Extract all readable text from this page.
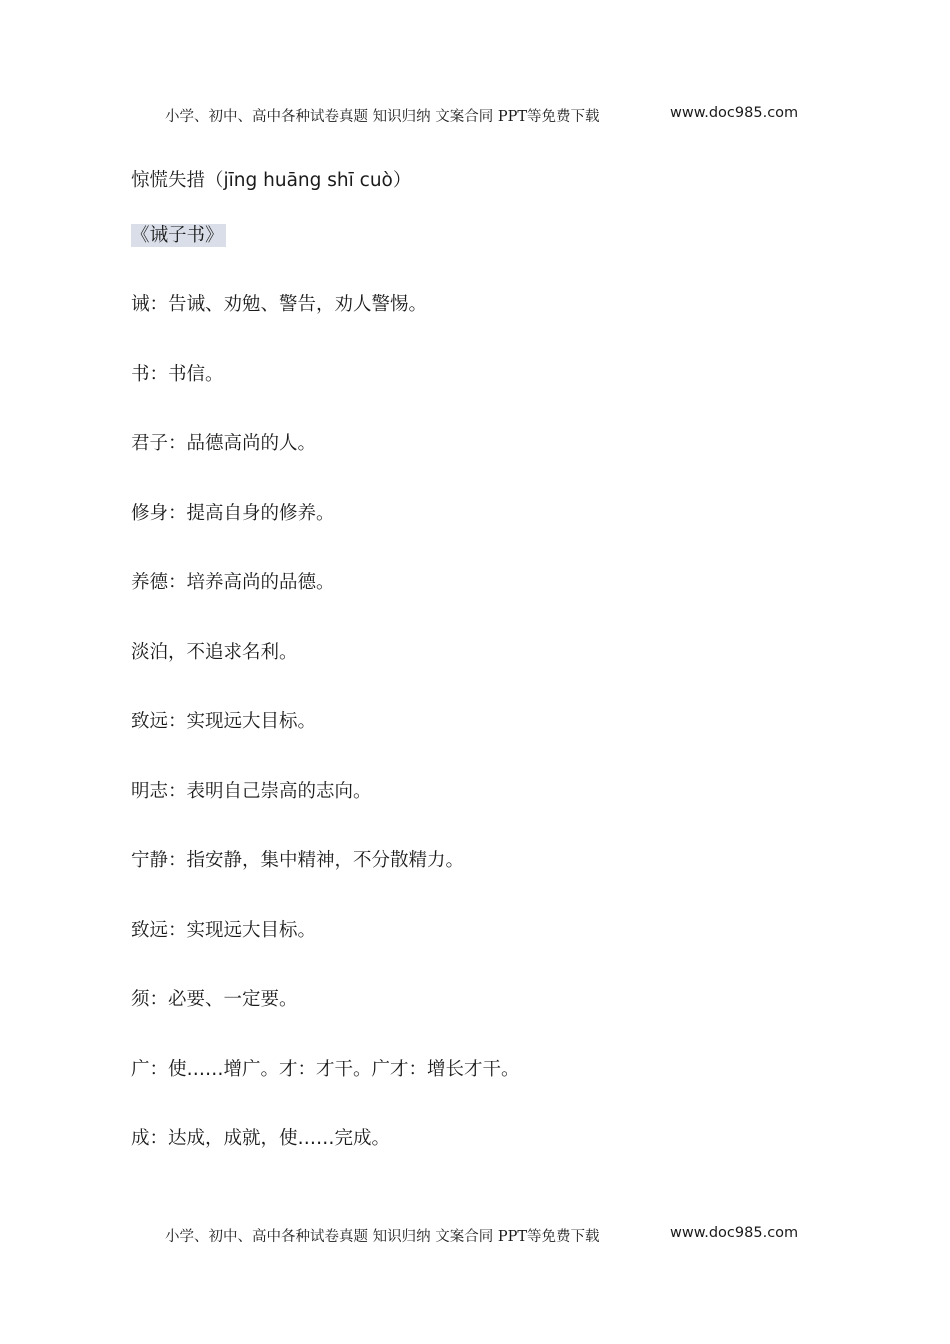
小学、初中、高中各种试卷真题 知识归纳 文案合同 PPT等免费下载	www.doc985.com
惊慌失措（jīng huāng shī cuò）
《诫子书》
诫：告诫、劝勉、警告，劝人警惕。
书：书信。
君子：品德高尚的人。
修身：提高自身的修养。
养德：培养高尚的品德。
淡泊，不追求名利。
致远：实现远大目标。
明志：表明自己崇高的志向。
宁静：指安静，集中精神，不分散精力。
致远：实现远大目标。
须：必要、一定要。
广：使……增广。才：才干。广才：增长才干。
成：达成，成就，使……完成。
小学、初中、高中各种试卷真题 知识归纳 文案合同 PPT等免费下载	www.doc985.com
